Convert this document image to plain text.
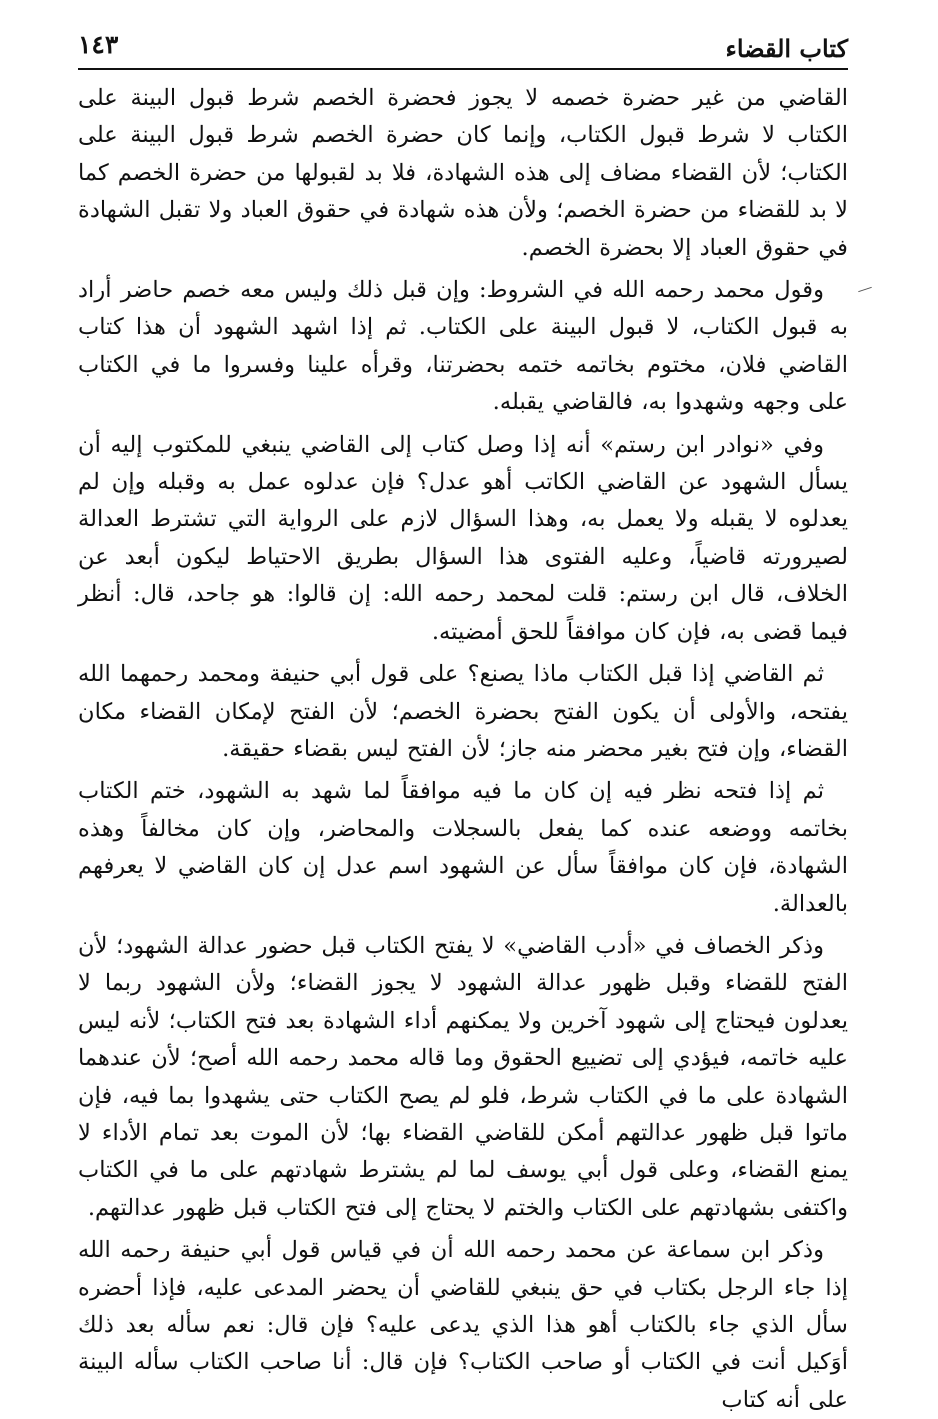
كتاب القضاء
١٤٣

القاضي من غير حضرة خصمه لا يجوز فحضرة الخصم شرط قبول البينة على الكتاب لا شرط قبول الكتاب، وإنما كان حضرة الخصم شرط قبول البينة على الكتاب؛ لأن القضاء مضاف إلى هذه الشهادة، فلا بد لقبولها من حضرة الخصم كما لا بد للقضاء من حضرة الخصم؛ ولأن هذه شهادة في حقوق العباد ولا تقبل الشهادة في حقوق العباد إلا بحضرة الخصم.

وقول محمد رحمه الله في الشروط: وإن قبل ذلك وليس معه خصم حاضر أراد به قبول الكتاب، لا قبول البينة على الكتاب. ثم إذا اشهد الشهود أن هذا كتاب القاضي فلان، مختوم بخاتمه ختمه بحضرتنا، وقرأه علينا وفسروا ما في الكتاب على وجهه وشهدوا به، فالقاضي يقبله.

وفي «نوادر ابن رستم» أنه إذا وصل كتاب إلى القاضي ينبغي للمكتوب إليه أن يسأل الشهود عن القاضي الكاتب أهو عدل؟ فإن عدلوه عمل به وقبله وإن لم يعدلوه لا يقبله ولا يعمل به، وهذا السؤال لازم على الرواية التي تشترط العدالة لصيرورته قاضياً، وعليه الفتوى هذا السؤال بطريق الاحتياط ليكون أبعد عن الخلاف، قال ابن رستم: قلت لمحمد رحمه الله: إن قالوا: هو جاحد، قال: أنظر فيما قضى به، فإن كان موافقاً للحق أمضيته.

ثم القاضي إذا قبل الكتاب ماذا يصنع؟ على قول أبي حنيفة ومحمد رحمهما الله يفتحه، والأولى أن يكون الفتح بحضرة الخصم؛ لأن الفتح لإمكان القضاء مكان القضاء، وإن فتح بغير محضر منه جاز؛ لأن الفتح ليس بقضاء حقيقة.

ثم إذا فتحه نظر فيه إن كان ما فيه موافقاً لما شهد به الشهود، ختم الكتاب بخاتمه ووضعه عنده كما يفعل بالسجلات والمحاضر، وإن كان مخالفاً وهذه الشهادة، فإن كان موافقاً سأل عن الشهود اسم عدل إن كان القاضي لا يعرفهم بالعدالة.

وذكر الخصاف في «أدب القاضي» لا يفتح الكتاب قبل حضور عدالة الشهود؛ لأن الفتح للقضاء وقبل ظهور عدالة الشهود لا يجوز القضاء؛ ولأن الشهود ربما لا يعدلون فيحتاج إلى شهود آخرين ولا يمكنهم أداء الشهادة بعد فتح الكتاب؛ لأنه ليس عليه خاتمه، فيؤدي إلى تضييع الحقوق وما قاله محمد رحمه الله أصح؛ لأن عندهما الشهادة على ما في الكتاب شرط، فلو لم يصح الكتاب حتى يشهدوا بما فيه، فإن ماتوا قبل ظهور عدالتهم أمكن للقاضي القضاء بها؛ لأن الموت بعد تمام الأداء لا يمنع القضاء، وعلى قول أبي يوسف لما لم يشترط شهادتهم على ما في الكتاب واكتفى بشهادتهم على الكتاب والختم لا يحتاج إلى فتح الكتاب قبل ظهور عدالتهم.

وذكر ابن سماعة عن محمد رحمه الله أن في قياس قول أبي حنيفة رحمه الله إذا جاء الرجل بكتاب في حق ينبغي للقاضي أن يحضر المدعى عليه، فإذا أحضره سأل الذي جاء بالكتاب أهو هذا الذي يدعى عليه؟ فإن قال: نعم سأله بعد ذلك أوَكيل أنت في الكتاب أو صاحب الكتاب؟ فإن قال: أنا صاحب الكتاب سأله البينة على أنه كتاب
